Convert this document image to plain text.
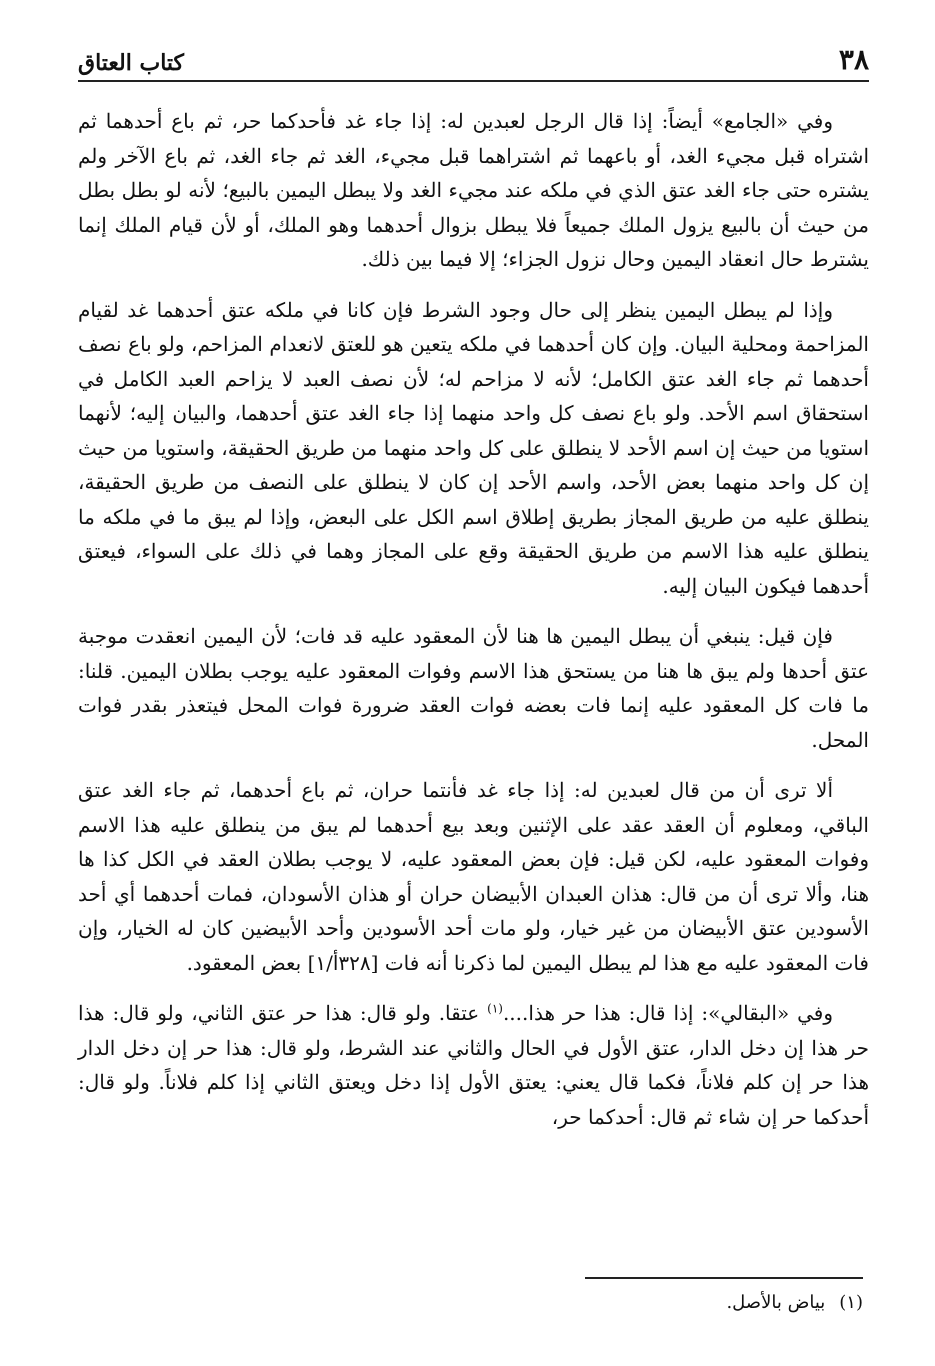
٣٨
كتاب العتاق

وفي «الجامع» أيضاً: إذا قال الرجل لعبدين له: إذا جاء غد فأحدكما حر، ثم باع أحدهما ثم اشتراه قبل مجيء الغد، أو باعهما ثم اشتراهما قبل مجيء، الغد ثم جاء الغد، ثم باع الآخر ولم يشتره حتى جاء الغد عتق الذي في ملكه عند مجيء الغد ولا يبطل اليمين بالبيع؛ لأنه لو بطل بطل من حيث أن بالبيع يزول الملك جميعاً فلا يبطل بزوال أحدهما وهو الملك، أو لأن قيام الملك إنما يشترط حال انعقاد اليمين وحال نزول الجزاء؛ إلا فيما بين ذلك.

وإذا لم يبطل اليمين ينظر إلى حال وجود الشرط فإن كانا في ملكه عتق أحدهما غد لقيام المزاحمة ومحلية البيان. وإن كان أحدهما في ملكه يتعين هو للعتق لانعدام المزاحم، ولو باع نصف أحدهما ثم جاء الغد عتق الكامل؛ لأنه لا مزاحم له؛ لأن نصف العبد لا يزاحم العبد الكامل في استحقاق اسم الأحد. ولو باع نصف كل واحد منهما إذا جاء الغد عتق أحدهما، والبيان إليه؛ لأنهما استويا من حيث إن اسم الأحد لا ينطلق على كل واحد منهما من طريق الحقيقة، واستويا من حيث إن كل واحد منهما بعض الأحد، واسم الأحد إن كان لا ينطلق على النصف من طريق الحقيقة، ينطلق عليه من طريق المجاز بطريق إطلاق اسم الكل على البعض، وإذا لم يبق ما في ملكه ما ينطلق عليه هذا الاسم من طريق الحقيقة وقع على المجاز وهما في ذلك على السواء، فيعتق أحدهما فيكون البيان إليه.

فإن قيل: ينبغي أن يبطل اليمين ها هنا لأن المعقود عليه قد فات؛ لأن اليمين انعقدت موجبة عتق أحدها ولم يبق ها هنا من يستحق هذا الاسم وفوات المعقود عليه يوجب بطلان اليمين. قلنا: ما فات كل المعقود عليه إنما فات بعضه فوات العقد ضرورة فوات المحل فيتعذر بقدر فوات المحل.

ألا ترى أن من قال لعبدين له: إذا جاء غد فأنتما حران، ثم باع أحدهما، ثم جاء الغد عتق الباقي، ومعلوم أن العقد عقد على الإثنين وبعد بيع أحدهما لم يبق من ينطلق عليه هذا الاسم وفوات المعقود عليه، لكن قيل: فإن بعض المعقود عليه، لا يوجب بطلان العقد في الكل كذا ها هنا، وألا ترى أن من قال: هذان العبدان الأبيضان حران أو هذان الأسودان، فمات أحدهما أي أحد الأسودين عتق الأبيضان من غير خيار، ولو مات أحد الأسودين وأحد الأبيضين كان له الخيار، وإن فات المعقود عليه مع هذا لم يبطل اليمين لما ذكرنا أنه فات [٣٢٨أ/١] بعض المعقود.

وفي «البقالي»: إذا قال: هذا حر هذا....$^{(١)}$ عتقا. ولو قال: هذا حر عتق الثاني، ولو قال: هذا حر هذا إن دخل الدار، عتق الأول في الحال والثاني عند الشرط، ولو قال: هذا حر إن دخل الدار هذا حر إن كلم فلاناً، فكما قال يعني: يعتق الأول إذا دخل ويعتق الثاني إذا كلم فلاناً. ولو قال: أحدكما حر إن شاء ثم قال: أحدكما حر،

(١)بياض بالأصل.
